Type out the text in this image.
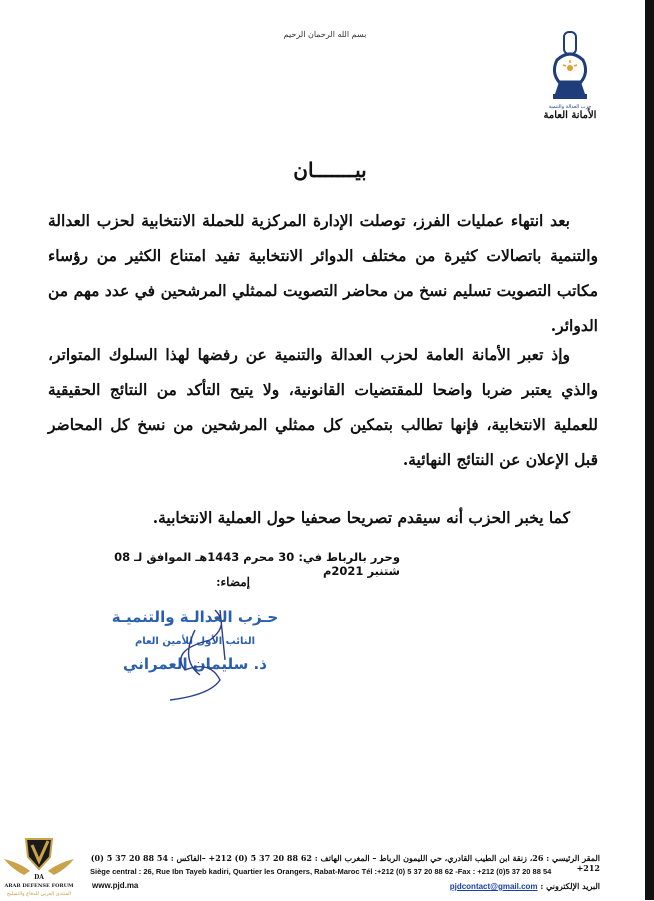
بسم الله الرحمان الرحيم
حزب العدالة والتنمية
الأمانة العامة
بيـــــــان
بعد انتهاء عمليات الفرز، توصلت الإدارة المركزية للحملة الانتخابية لحزب العدالة والتنمية باتصالات كثيرة من مختلف الدوائر الانتخابية تفيد امتناع الكثير من رؤساء مكاتب التصويت تسليم نسخ من محاضر التصويت لممثلي المرشحين في عدد مهم من الدوائر.
وإذ تعبر الأمانة العامة لحزب العدالة والتنمية عن رفضها لهذا السلوك المتواتر، والذي يعتبر ضربا واضحا للمقتضيات القانونية، ولا يتيح التأكد من النتائج الحقيقية للعملية الانتخابية، فإنها تطالب بتمكين كل ممثلي المرشحين من نسخ كل المحاضر قبل الإعلان عن النتائج النهائية.
كما يخبر الحزب أنه سيقدم تصريحا صحفيا حول العملية الانتخابية.
وحرر بالرباط في: 30 محرم 1443هـ الموافق لـ 08 شتنبر 2021م
إمضاء:
حـزب العدالـة والتنميـة
النائب الأول للأمين العام
ذ. سليمان العمراني
المقر الرئيسي : 26، زنقة ابن الطيب القادري، حي الليمون الرباط – المغرب الهاتف : 62 88 20 37 5 (0) 212+ –الفاكس : 54 88 20 37 5 (0) 212+
Siège central : 26, Rue Ibn Tayeb kadiri, Quartier les Orangers, Rabat-Maroc Tél :+212 (0) 5 37 20 88 62 -Fax : +212 (0)5 37 20 88 54
البريد الإلكتروني : pjdcontact@gmail.com
www.pjd.ma
DA
ARAB DEFENSE FORUM
المنتدى العربي للدفاع والتسليح
